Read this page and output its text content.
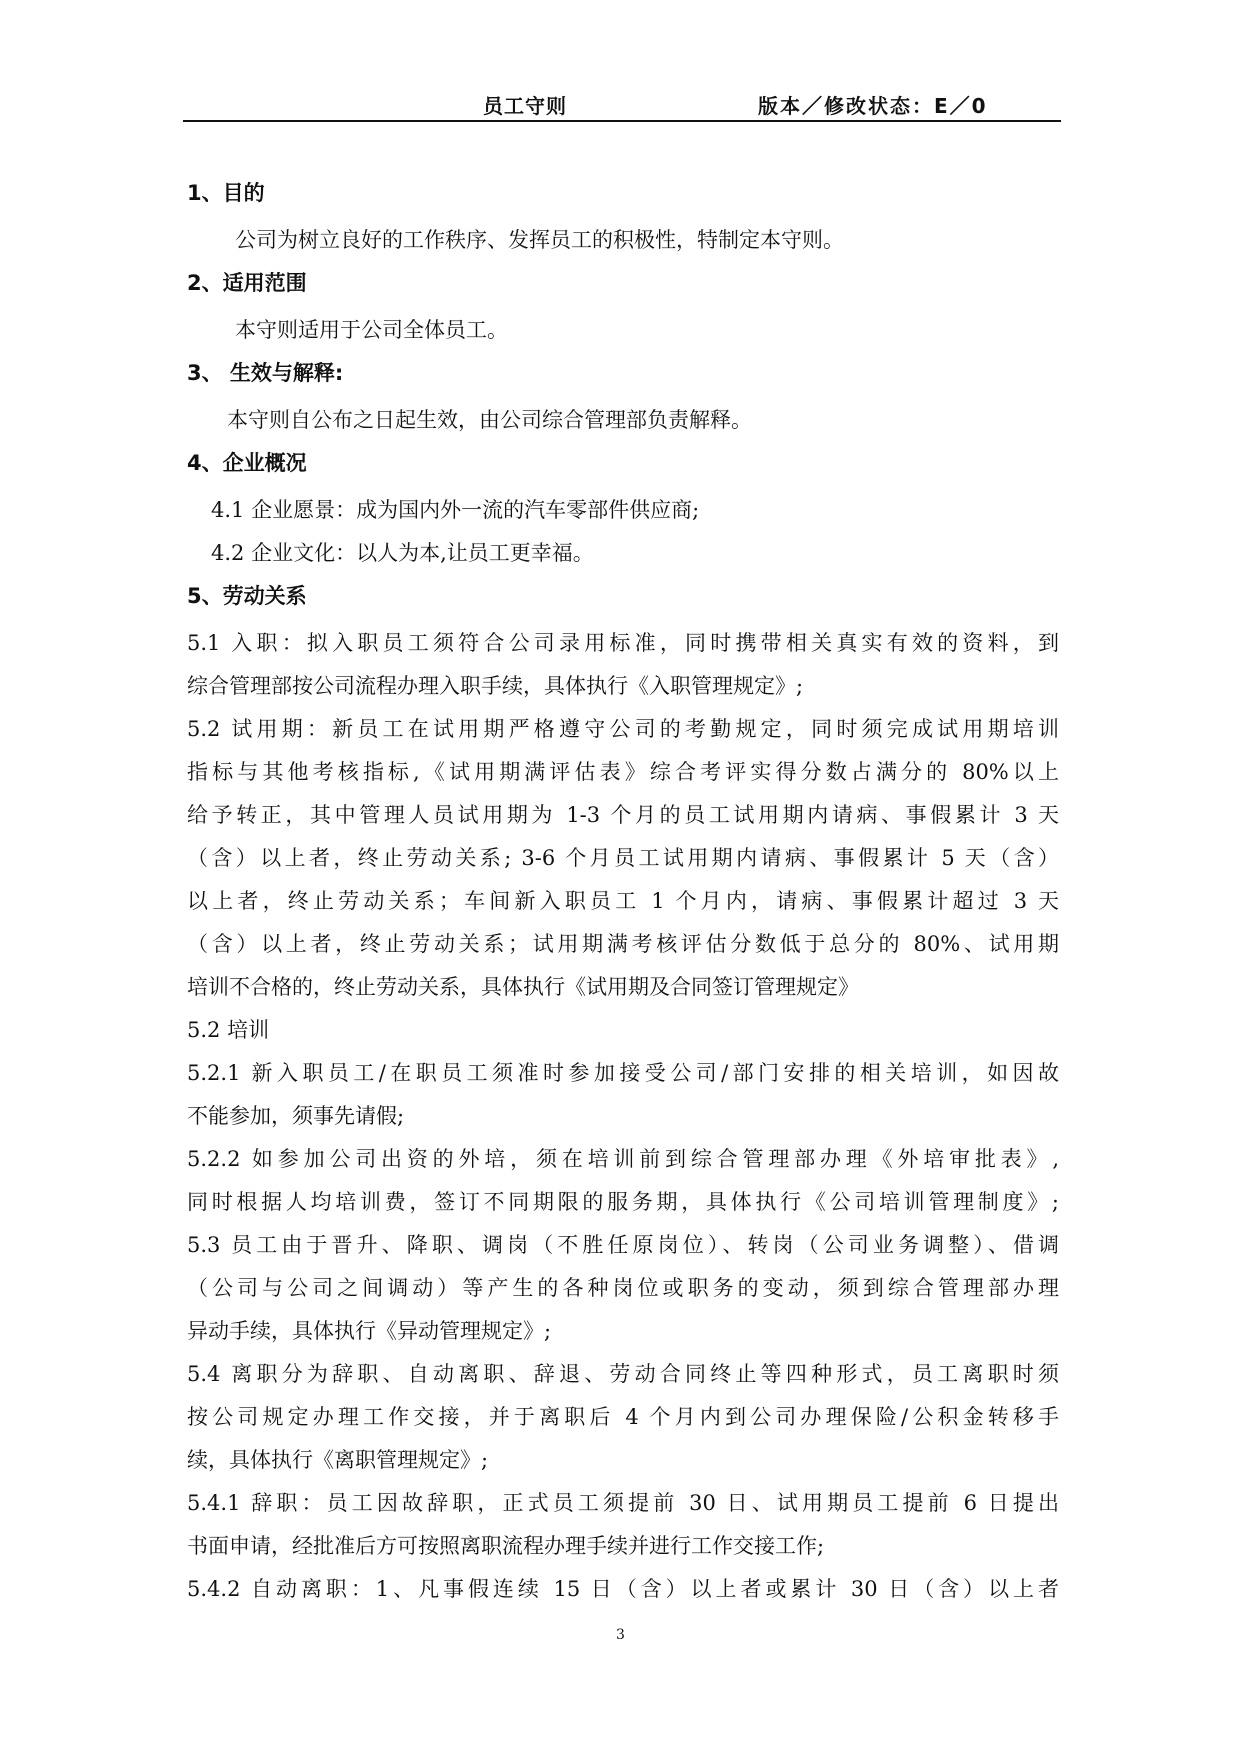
员工守则	版本／修改状态：E／0
1、目的
公司为树立良好的工作秩序、发挥员工的积极性，特制定本守则。
2、适用范围
本守则适用于公司全体员工。
3、 生效与解释:
本守则自公布之日起生效，由公司综合管理部负责解释。
4、企业概况
4.1 企业愿景：成为国内外一流的汽车零部件供应商;
4.2 企业文化：以人为本,让员工更幸福。
5、劳动关系
5.1 入职：拟入职员工须符合公司录用标准，同时携带相关真实有效的资料，到
综合管理部按公司流程办理入职手续，具体执行《入职管理规定》;
5.2 试用期：新员工在试用期严格遵守公司的考勤规定，同时须完成试用期培训
指标与其他考核指标,《试用期满评估表》综合考评实得分数占满分的 80%以上
给予转正，其中管理人员试用期为 1-3 个月的员工试用期内请病、事假累计 3 天
（含）以上者，终止劳动关系; 3-6 个月员工试用期内请病、事假累计 5 天（含）
以上者，终止劳动关系；车间新入职员工 1 个月内，请病、事假累计超过 3 天
（含）以上者，终止劳动关系；试用期满考核评估分数低于总分的 80%、试用期
培训不合格的，终止劳动关系，具体执行《试用期及合同签订管理规定》
5.2 培训
5.2.1 新入职员工/在职员工须准时参加接受公司/部门安排的相关培训，如因故
不能参加，须事先请假;
5.2.2 如参加公司出资的外培，须在培训前到综合管理部办理《外培审批表》,
同时根据人均培训费，签订不同期限的服务期，具体执行《公司培训管理制度》;
5.3 员工由于晋升、降职、调岗（不胜任原岗位）、转岗（公司业务调整）、借调
（公司与公司之间调动）等产生的各种岗位或职务的变动，须到综合管理部办理
异动手续，具体执行《异动管理规定》;
5.4 离职分为辞职、自动离职、辞退、劳动合同终止等四种形式，员工离职时须
按公司规定办理工作交接，并于离职后 4 个月内到公司办理保险/公积金转移手
续，具体执行《离职管理规定》;
5.4.1 辞职：员工因故辞职，正式员工须提前 30 日、试用期员工提前 6 日提出
书面申请，经批准后方可按照离职流程办理手续并进行工作交接工作;
5.4.2 自动离职：1、凡事假连续 15 日（含）以上者或累计 30 日（含）以上者
3
